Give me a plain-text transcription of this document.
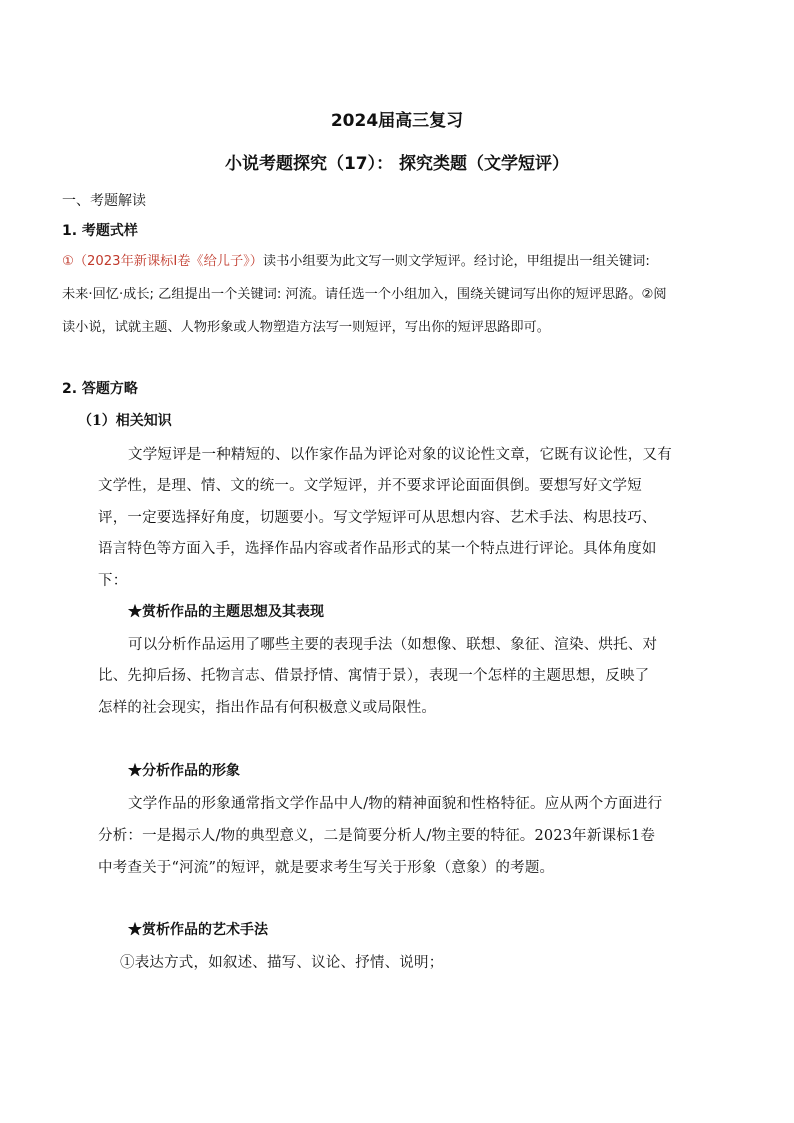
2024届高三复习
小说考题探究（17）： 探究类题（文学短评）
一、考题解读
1. 考题式样
①（2023年新课标Ⅰ卷《给儿子》）读书小组要为此文写一则文学短评。经讨论，甲组提出一组关键词:
未来·回忆·成长; 乙组提出一个关键词: 河流。请任选一个小组加入，围绕关键词写出你的短评思路。②阅
读小说，试就主题、人物形象或人物塑造方法写一则短评，写出你的短评思路即可。
2. 答题方略
（1）相关知识
文学短评是一种精短的、以作家作品为评论对象的议论性文章，它既有议论性，又有
文学性，是理、情、文的统一。文学短评，并不要求评论面面俱倒。要想写好文学短
评，一定要选择好角度，切题要小。写文学短评可从思想内容、艺术手法、构思技巧、
语言特色等方面入手，选择作品内容或者作品形式的某一个特点进行评论。具体角度如
下：
★赏析作品的主题思想及其表现
可以分析作品运用了哪些主要的表现手法（如想像、联想、象征、渲染、烘托、对
比、先抑后扬、托物言志、借景抒情、寓情于景），表现一个怎样的主题思想，反映了
怎样的社会现实，指出作品有何积极意义或局限性。
★分析作品的形象
文学作品的形象通常指文学作品中人/物的精神面貌和性格特征。应从两个方面进行
分析：一是揭示人/物的典型意义，二是简要分析人/物主要的特征。2023年新课标1卷
中考查关于“河流”的短评，就是要求考生写关于形象（意象）的考题。
★赏析作品的艺术手法
①表达方式，如叙述、描写、议论、抒情、说明；
